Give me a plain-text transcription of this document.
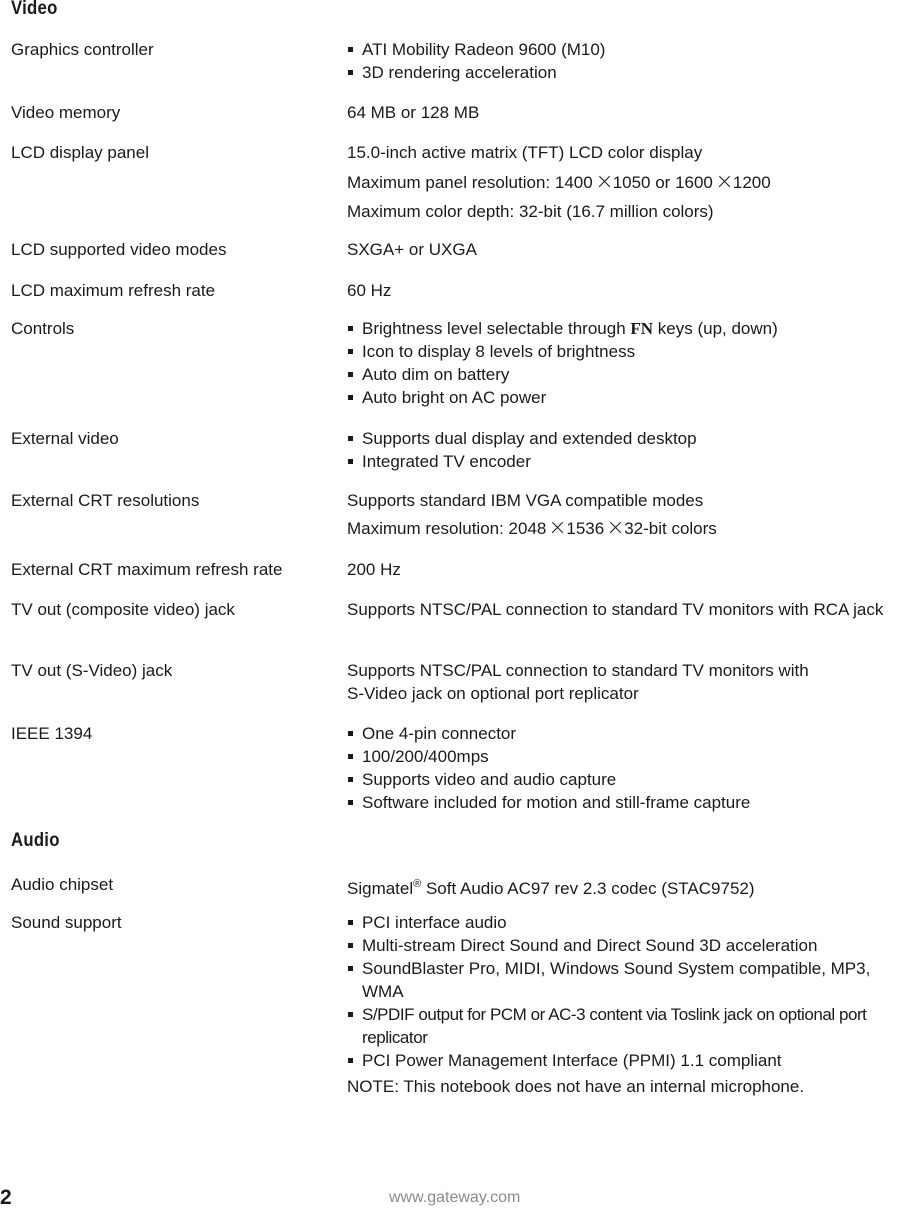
Video
Graphics controller	ATI Mobility Radeon 9600 (M10)
3D rendering acceleration
Video memory	64 MB or 128 MB
LCD display panel	15.0-inch active matrix (TFT) LCD color display
Maximum panel resolution: 1400 1050 or 1600 1200
Maximum color depth: 32-bit (16.7 million colors)
LCD supported video modes	SXGA+ or UXGA
LCD maximum refresh rate	60 Hz
Controls	Brightness level selectable through FN keys (up, down)
Icon to display 8 levels of brightness
Auto dim on battery
Auto bright on AC power
External video	Supports dual display and extended desktop
Integrated TV encoder
External CRT resolutions	Supports standard IBM VGA compatible modes
Maximum resolution: 2048 1536 32-bit colors
External CRT maximum refresh rate	200 Hz
TV out (composite video) jack	Supports NTSC/PAL connection to standard TV monitors with RCA jack
TV out (S-Video) jack	Supports NTSC/PAL connection to standard TV monitors with
S-Video jack on optional port replicator
IEEE 1394	One 4-pin connector
100/200/400mps
Supports video and audio capture
Software included for motion and still-frame capture
Audio
Audio chipset	Sigmatel® Soft Audio AC97 rev 2.3 codec (STAC9752)
Sound support	PCI interface audio
Multi-stream Direct Sound and Direct Sound 3D acceleration
SoundBlaster Pro, MIDI, Windows Sound System compatible, MP3, WMA
S/PDIF output for PCM or AC-3 content via Toslink jack on optional port replicator
PCI Power Management Interface (PPMI) 1.1 compliant
NOTE: This notebook does not have an internal microphone.
2	www.gateway.com
